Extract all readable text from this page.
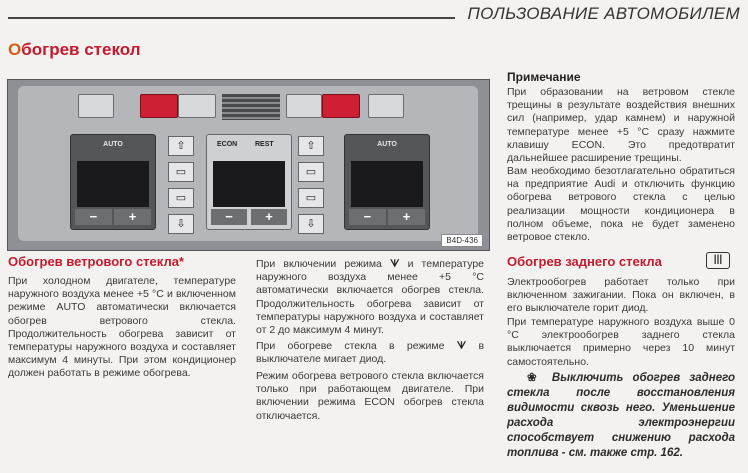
ПОЛЬЗОВАНИЕ АВТОМОБИЛЕМ
Обогрев стекол
AUTO
−	+
⇧
▭
▭
⇩
ECON	REST
−	+
⇧
▭
▭
⇩
AUTO
−	+
B4D-436
Обогрев ветрового стекла*
При холодном двигателе, температуре наружного воздуха менее +5 °C и включенном режиме AUTO автоматически включается обогрев ветрового стекла. Продолжительность обогрева зависит от температуры наружного воздуха и составляет максимум 4 минуты. При этом кондиционер должен работать в режиме обогрева.
При включении режима ᗐ и температуре наружного воздуха менее +5 °C автоматически включается обогрев стекла. Продолжительность обогрева зависит от температуры наружного воздуха и составляет от 2 до максимум 4 минут.
При обогреве стекла в режиме ᗐ в выключателе мигает диод.
Режим обогрева ветрового стекла включается только при работающем двигателе. При включении режима ECON обогрев стекла отключается.
Примечание
При образовании на ветровом стекле трещины в результате воздействия внешних сил (например, удар камнем) и наружной температуре менее +5 °C сразу нажмите клавишу ECON. Это предотвратит дальнейшее расширение трещины.
Вам необходимо безотлагательно обратиться на предприятие Audi и отключить функцию обогрева ветрового стекла с целью реализации мощности кондиционера в полном объеме, пока не будет заменено ветровое стекло.
Обогрев заднего стекла	|||
Электрообогрев работает только при включенном зажигании. Пока он включен, в его выключателе горит диод.
При температуре наружного воздуха выше 0 °C электрообогрев заднего стекла выключается примерно через 10 минут самостоятельно.
❀ Выключить обогрев заднего стекла после восстановления видимости сквозь него. Уменьшение расхода электроэнергии способствует снижению расхода топлива - см. также стр. 162.
